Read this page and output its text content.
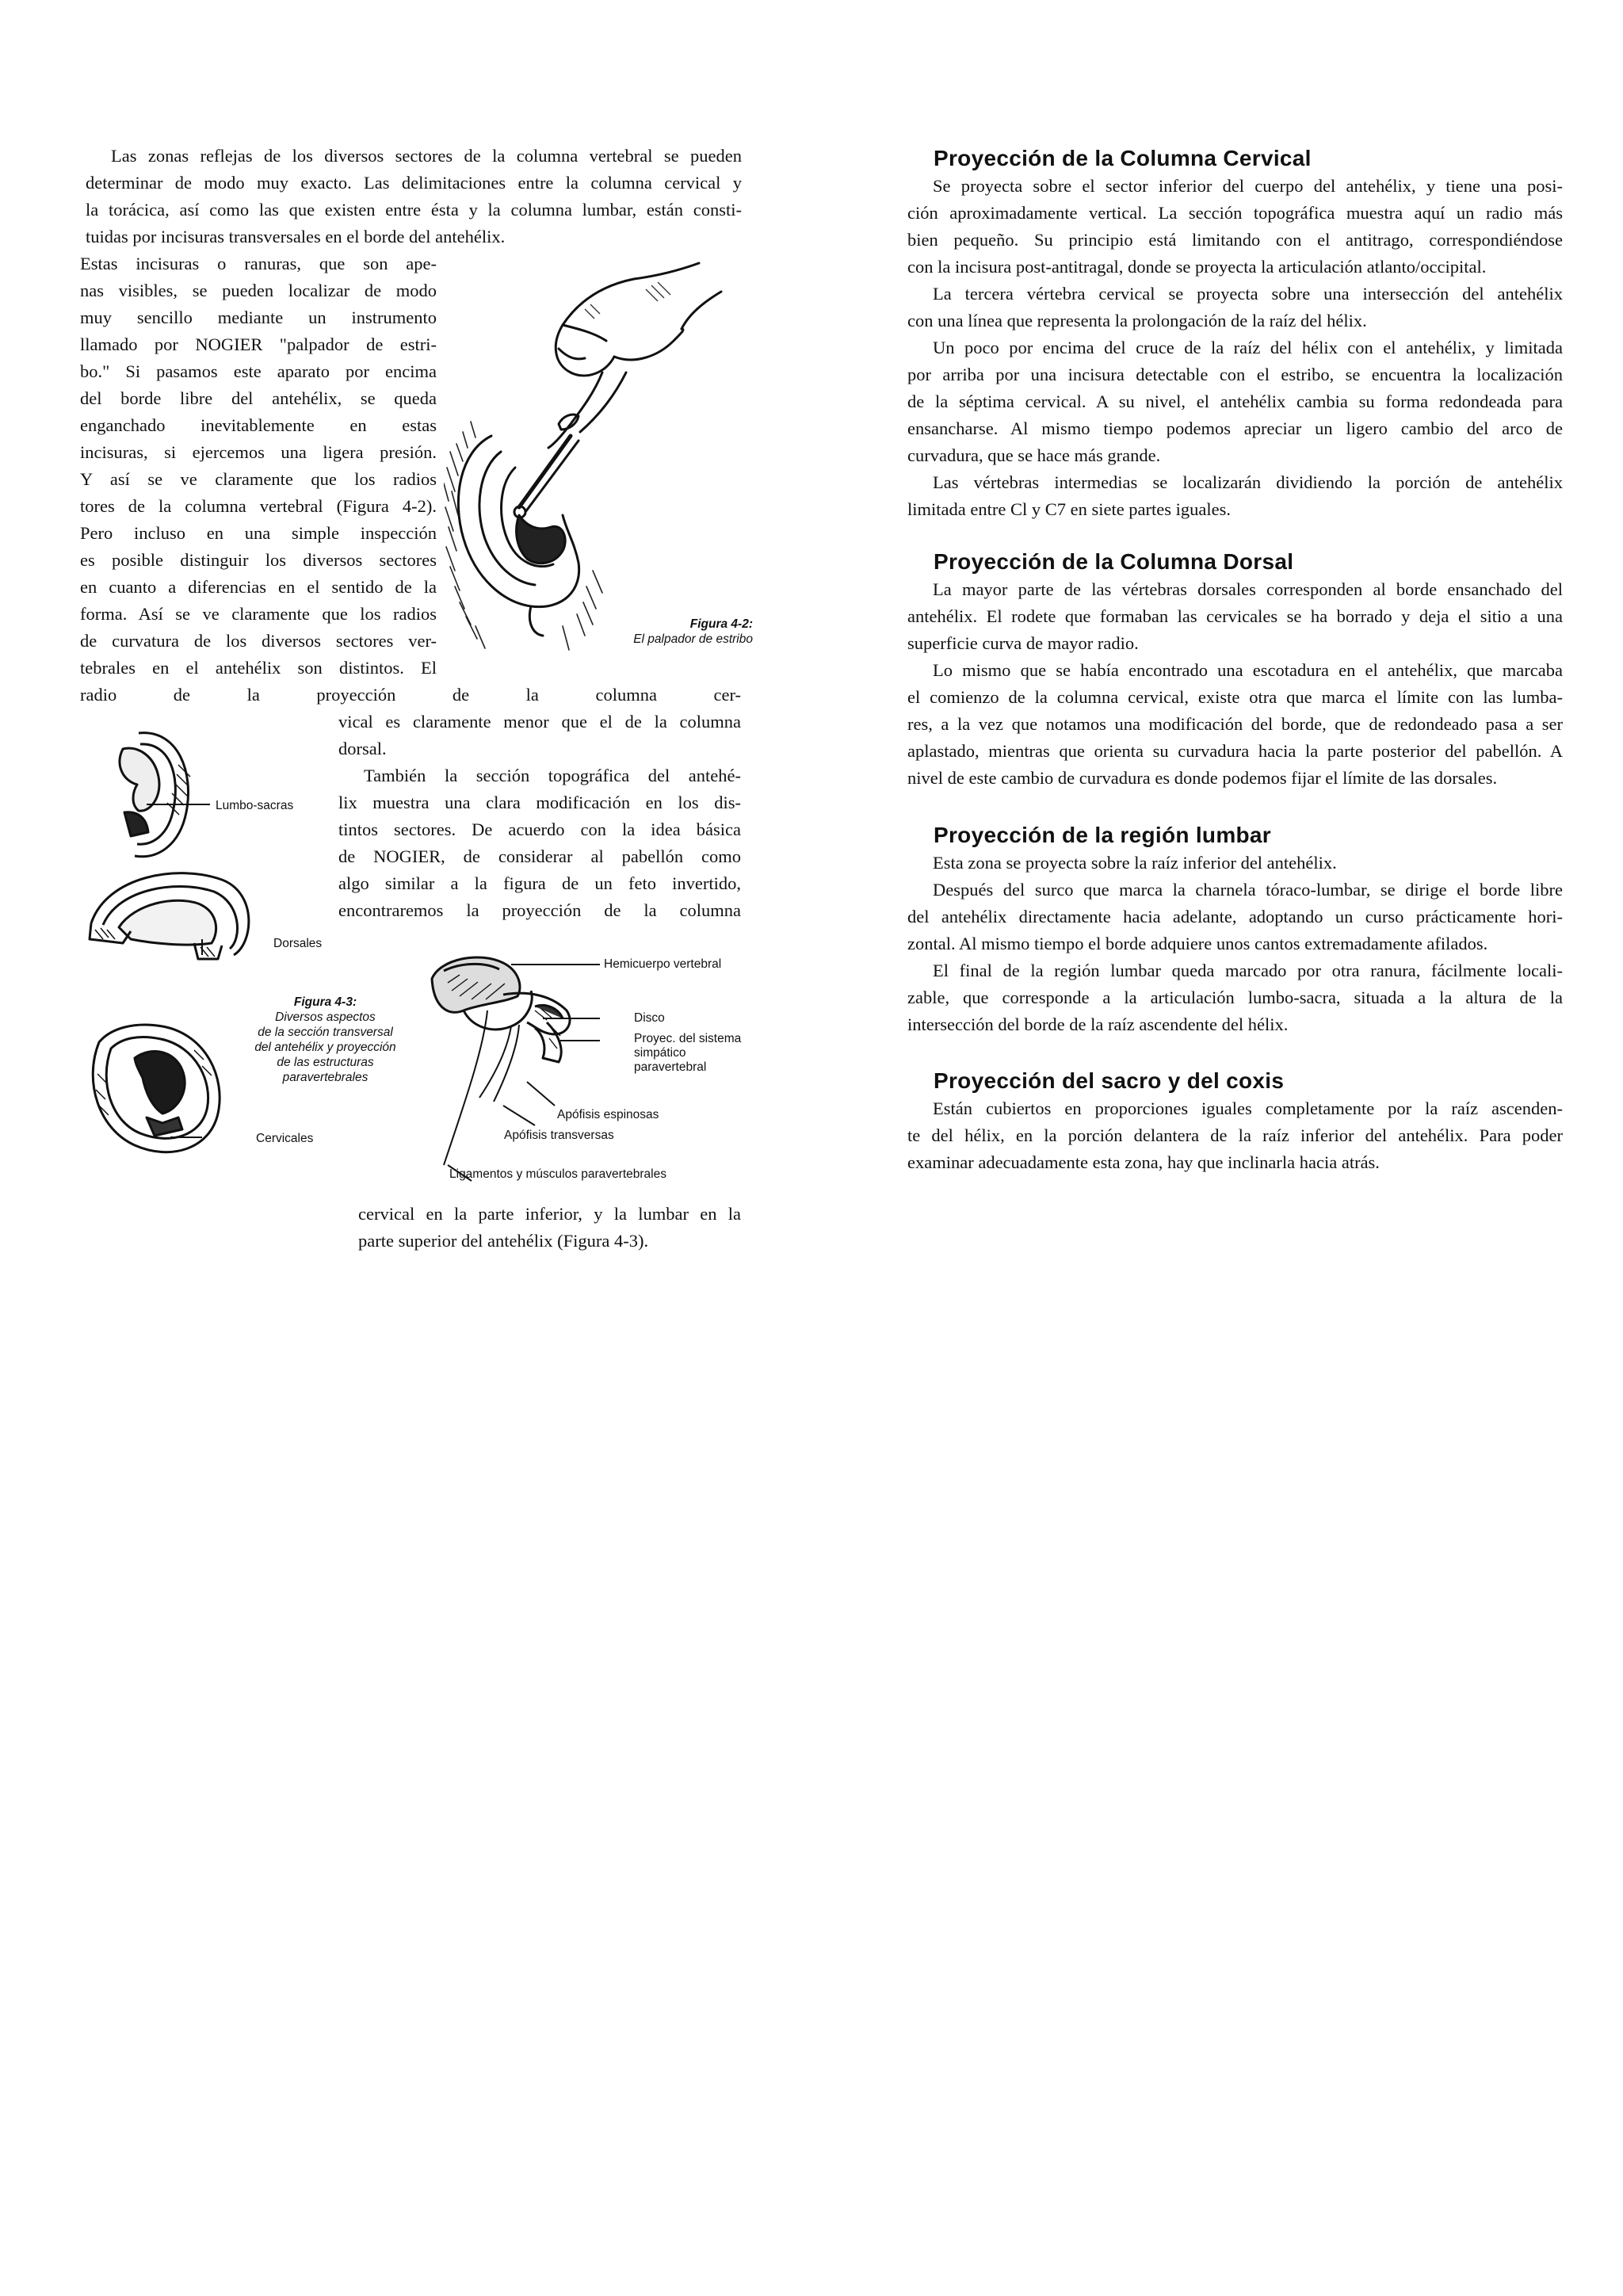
Las zonas reflejas de los diversos sectores de la columna vertebral se pueden
determinar de modo muy exacto. Las delimitaciones entre la columna cervical y
la torácica, así como las que existen entre ésta y la columna lumbar, están consti-
tuidas por incisuras transversales en el borde del antehélix.
Estas incisuras o ranuras, que son ape-
nas visibles, se pueden localizar de modo
muy sencillo mediante un instrumento
llamado por NOGIER "palpador de estri-
bo." Si pasamos este aparato por encima
del borde libre del antehélix, se queda
enganchado inevitablemente en estas
incisuras, si ejercemos una ligera presión.
Y así se ve claramente que los radios
tores de la columna vertebral (Figura 4-2).
Pero incluso en una simple inspección
es posible distinguir los diversos sectores
en cuanto a diferencias en el sentido de la
forma. Así se ve claramente que los radios
de curvatura de los diversos sectores ver-
tebrales en el antehélix son distintos. El
radio de la proyección de la columna cer-
vical es claramente menor que el de la columna
dorsal.
También la sección topográfica del antehé-
lix muestra una clara modificación en los dis-
tintos sectores. De acuerdo con la idea básica
de NOGIER, de considerar al pabellón como
algo similar a la figura de un feto invertido,
encontraremos la proyección de la columna
cervical en la parte inferior, y la lumbar en la
parte superior del antehélix (Figura 4-3).
Figura 4-2:
El palpador de estribo
Lumbo-sacras
Dorsales
Cervicales
Figura 4-3:
Diversos aspectos
de la sección transversal
del antehélix y proyección
de las estructuras
paravertebrales
Hemicuerpo vertebral
Disco
Proyec. del sistema
simpático
paravertebral
Apófisis espinosas
Apófisis transversas
Ligamentos y músculos paravertebrales
Proyección de la Columna Cervical
Se proyecta sobre el sector inferior del cuerpo del antehélix, y tiene una posi-
ción aproximadamente vertical. La sección topográfica muestra aquí un radio más
bien pequeño. Su principio está limitando con el antitrago, correspondiéndose
con la incisura post-antitragal, donde se proyecta la articulación atlanto/occipital.
La tercera vértebra cervical se proyecta sobre una intersección del antehélix
con una línea que representa la prolongación de la raíz del hélix.
Un poco por encima del cruce de la raíz del hélix con el antehélix, y limitada
por arriba por una incisura detectable con el estribo, se encuentra la localización
de la séptima cervical. A su nivel, el antehélix cambia su forma redondeada para
ensancharse. Al mismo tiempo podemos apreciar un ligero cambio del arco de
curvadura, que se hace más grande.
Las vértebras intermedias se localizarán dividiendo la porción de antehélix
limitada entre Cl y C7 en siete partes iguales.
Proyección de la Columna Dorsal
La mayor parte de las vértebras dorsales corresponden al borde ensanchado del
antehélix. El rodete que formaban las cervicales se ha borrado y deja el sitio a una
superficie curva de mayor radio.
Lo mismo que se había encontrado una escotadura en el antehélix, que marcaba
el comienzo de la columna cervical, existe otra que marca el límite con las lumba-
res, a la vez que notamos una modificación del borde, que de redondeado pasa a ser
aplastado, mientras que orienta su curvadura hacia la parte posterior del pabellón. A
nivel de este cambio de curvadura es donde podemos fijar el límite de las dorsales.
Proyección de la región lumbar
Esta zona se proyecta sobre la raíz inferior del antehélix.
Después del surco que marca la charnela tóraco-lumbar, se dirige el borde libre
del antehélix directamente hacia adelante, adoptando un curso prácticamente hori-
zontal. Al mismo tiempo el borde adquiere unos cantos extremadamente afilados.
El final de la región lumbar queda marcado por otra ranura, fácilmente locali-
zable, que corresponde a la articulación lumbo-sacra, situada a la altura de la
intersección del borde de la raíz ascendente del hélix.
Proyección del sacro y del coxis
Están cubiertos en proporciones iguales completamente por la raíz ascenden-
te del hélix, en la porción delantera de la raíz inferior del antehélix. Para poder
examinar adecuadamente esta zona, hay que inclinarla hacia atrás.
